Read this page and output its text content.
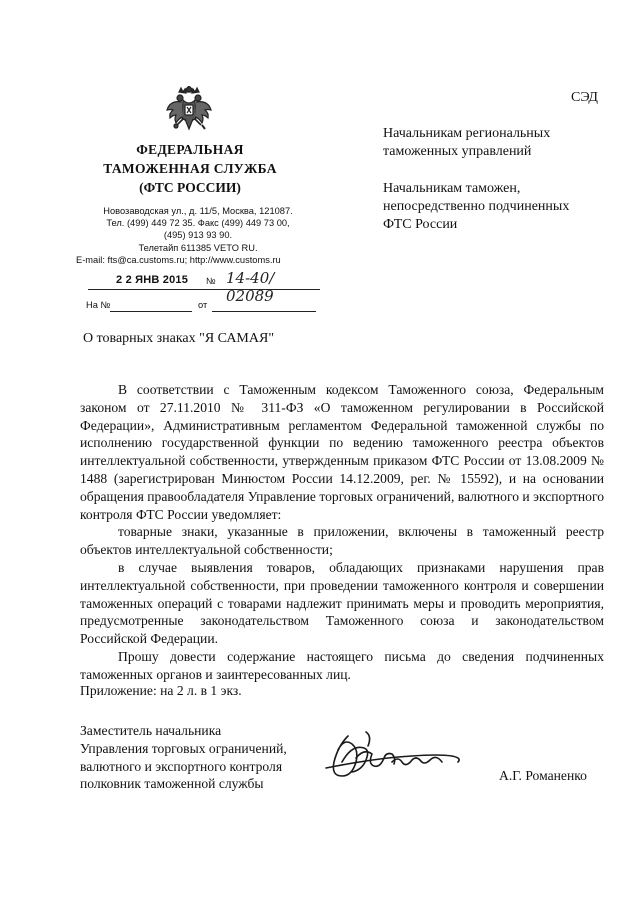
ФЕДЕРАЛЬНАЯ
ТАМОЖЕННАЯ СЛУЖБА
(ФТС РОССИИ)
Новозаводская ул., д. 11/5, Москва, 121087.
Тел. (499) 449 72 35. Факс (499) 449 73 00,
(495) 913 93 90.
Телетайп 611385 VETO RU.
E-mail: fts@ca.customs.ru; http://www.customs.ru
2 2 ЯНВ 2015 № 14-40/ 02089
На №	от
О товарных знаках "Я САМАЯ"
СЭД
Начальникам региональных
таможенных управлений
Начальникам таможен,
непосредственно подчиненных
ФТС России

В соответствии с Таможенным кодексом Таможенного союза, Федеральным законом от 27.11.2010 № 311-ФЗ «О таможенном регулировании в Российской Федерации», Административным регламентом Федеральной таможенной службы по исполнению государственной функции по ведению таможенного реестра объектов интеллектуальной собственности, утвержденным приказом ФТС России от 13.08.2009 № 1488 (зарегистрирован Минюстом России 14.12.2009, рег. № 15592), и на основании обращения правообладателя Управление торговых ограничений, валютного и экспортного контроля ФТС России уведомляет:

товарные знаки, указанные в приложении, включены в таможенный реестр объектов интеллектуальной собственности;

в случае выявления товаров, обладающих признаками нарушения прав интеллектуальной собственности, при проведении таможенного контроля и совершении таможенных операций с товарами надлежит принимать меры и проводить мероприятия, предусмотренные законодательством Таможенного союза и законодательством Российской Федерации.

Прошу довести содержание настоящего письма до сведения подчиненных таможенных органов и заинтересованных лиц.

Приложение: на 2 л. в 1 экз.
Заместитель начальника
Управления торговых ограничений,
валютного и экспортного контроля
полковник таможенной службы
А.Г. Романенко
